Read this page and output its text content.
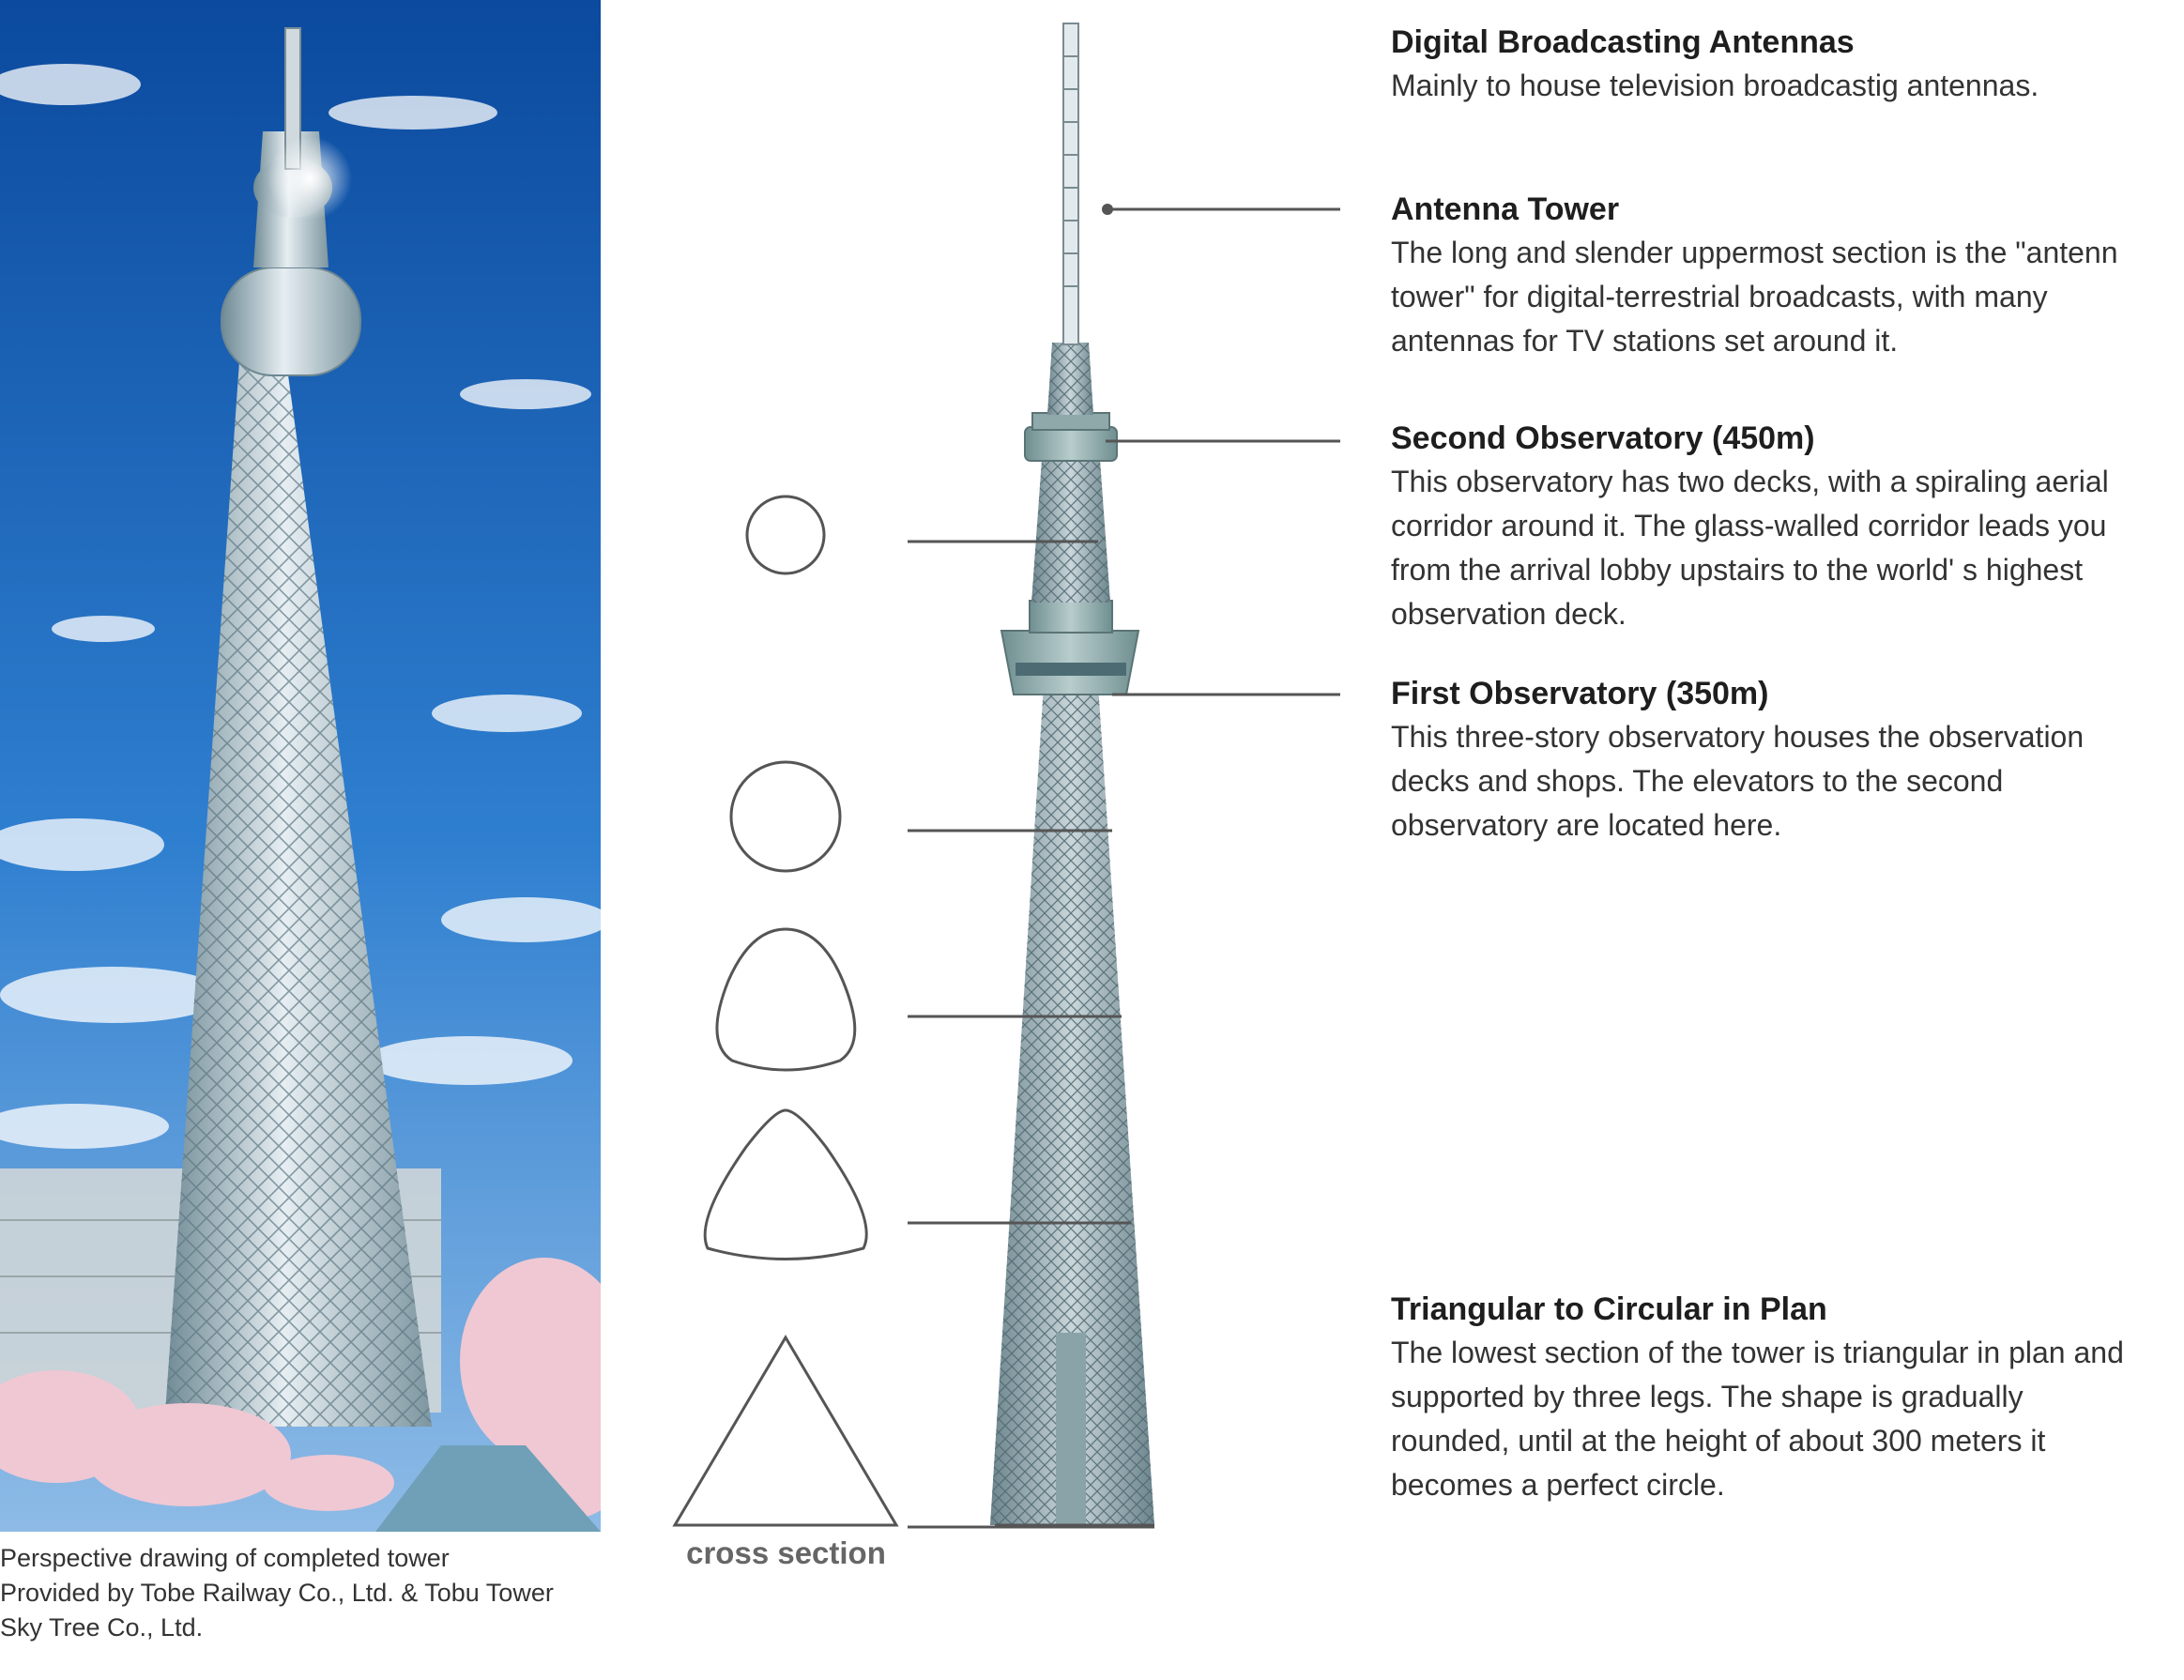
Perspective drawing of completed tower
Provided by Tobe Railway Co., Ltd. & Tobu Tower
Sky Tree Co., Ltd.
cross section
Digital Broadcasting Antennas
Mainly to house television broadcastig antennas.
Antenna Tower
The long and slender uppermost section is the "antenn
tower" for digital-terrestrial broadcasts, with many
antennas for TV stations set around it.
Second Observatory (450m)
This observatory has two decks, with a spiraling aerial
corridor around it. The glass-walled corridor leads you
from the arrival lobby upstairs to the world' s highest
observation deck.
First Observatory (350m)
This three-story observatory houses the observation
decks and shops. The elevators to the second
observatory are located here.
Triangular to Circular in Plan
The lowest section of the tower is triangular in plan and
supported by three legs. The shape is gradually
rounded, until at the height of about 300 meters it
becomes a perfect circle.
